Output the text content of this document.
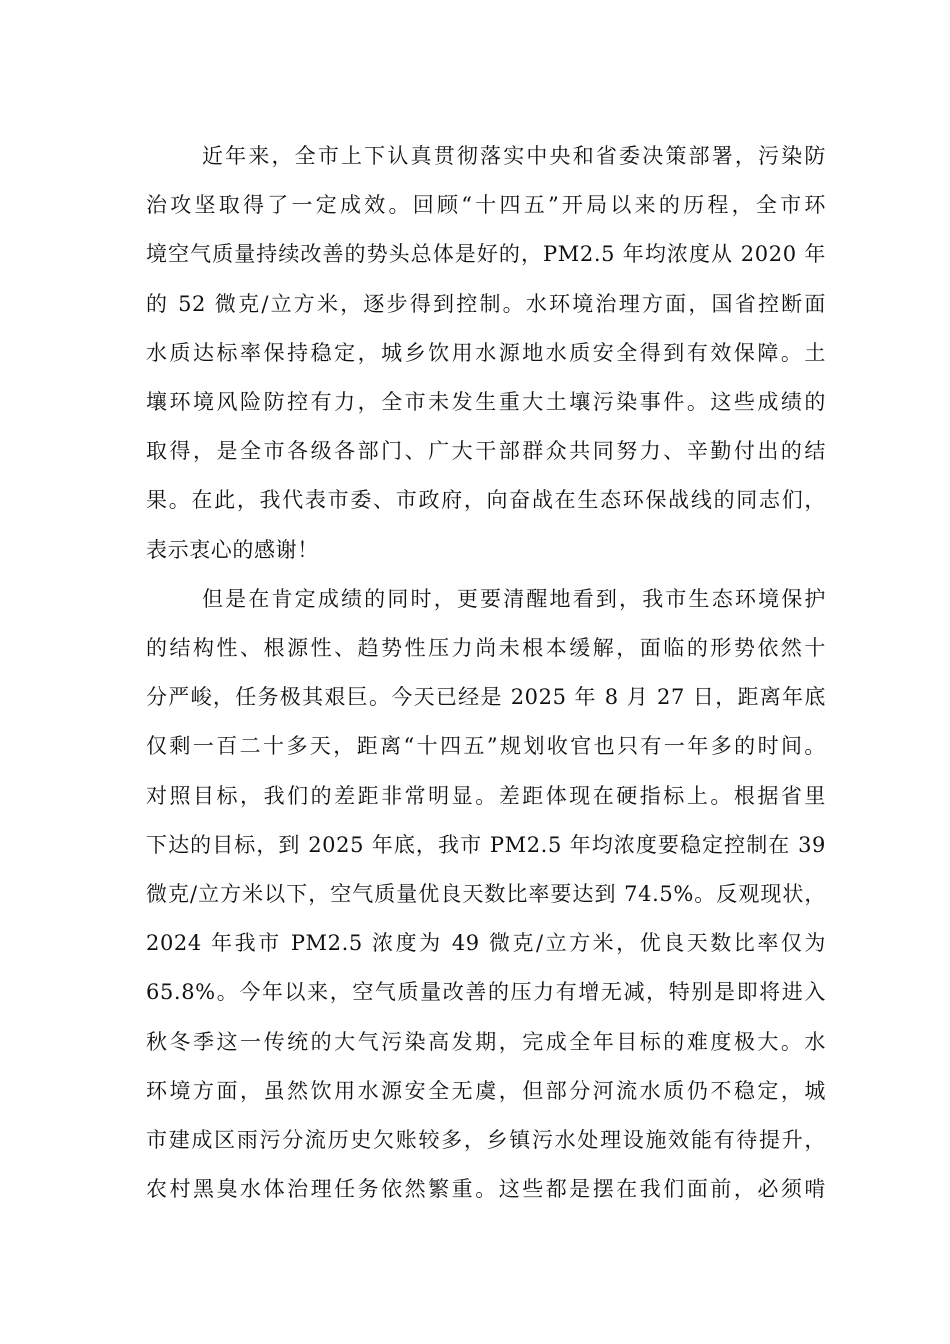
近年来，全市上下认真贯彻落实中央和省委决策部署，污染防
治攻坚取得了一定成效。回顾“十四五”开局以来的历程，全市环
境空气质量持续改善的势头总体是好的，PM2.5 年均浓度从 2020 年
的 52 微克/立方米，逐步得到控制。水环境治理方面，国省控断面
水质达标率保持稳定，城乡饮用水源地水质安全得到有效保障。土
壤环境风险防控有力，全市未发生重大土壤污染事件。这些成绩的
取得，是全市各级各部门、广大干部群众共同努力、辛勤付出的结
果。在此，我代表市委、市政府，向奋战在生态环保战线的同志们，
表示衷心的感谢！
但是在肯定成绩的同时，更要清醒地看到，我市生态环境保护
的结构性、根源性、趋势性压力尚未根本缓解，面临的形势依然十
分严峻，任务极其艰巨。今天已经是 2025 年 8 月 27 日，距离年底
仅剩一百二十多天，距离“十四五”规划收官也只有一年多的时间。
对照目标，我们的差距非常明显。差距体现在硬指标上。根据省里
下达的目标，到 2025 年底，我市 PM2.5 年均浓度要稳定控制在 39
微克/立方米以下，空气质量优良天数比率要达到 74.5%。反观现状，
2024 年我市 PM2.5 浓度为 49 微克/立方米，优良天数比率仅为
65.8%。今年以来，空气质量改善的压力有增无减，特别是即将进入
秋冬季这一传统的大气污染高发期，完成全年目标的难度极大。水
环境方面，虽然饮用水源安全无虞，但部分河流水质仍不稳定，城
市建成区雨污分流历史欠账较多，乡镇污水处理设施效能有待提升，
农村黑臭水体治理任务依然繁重。这些都是摆在我们面前，必须啃
